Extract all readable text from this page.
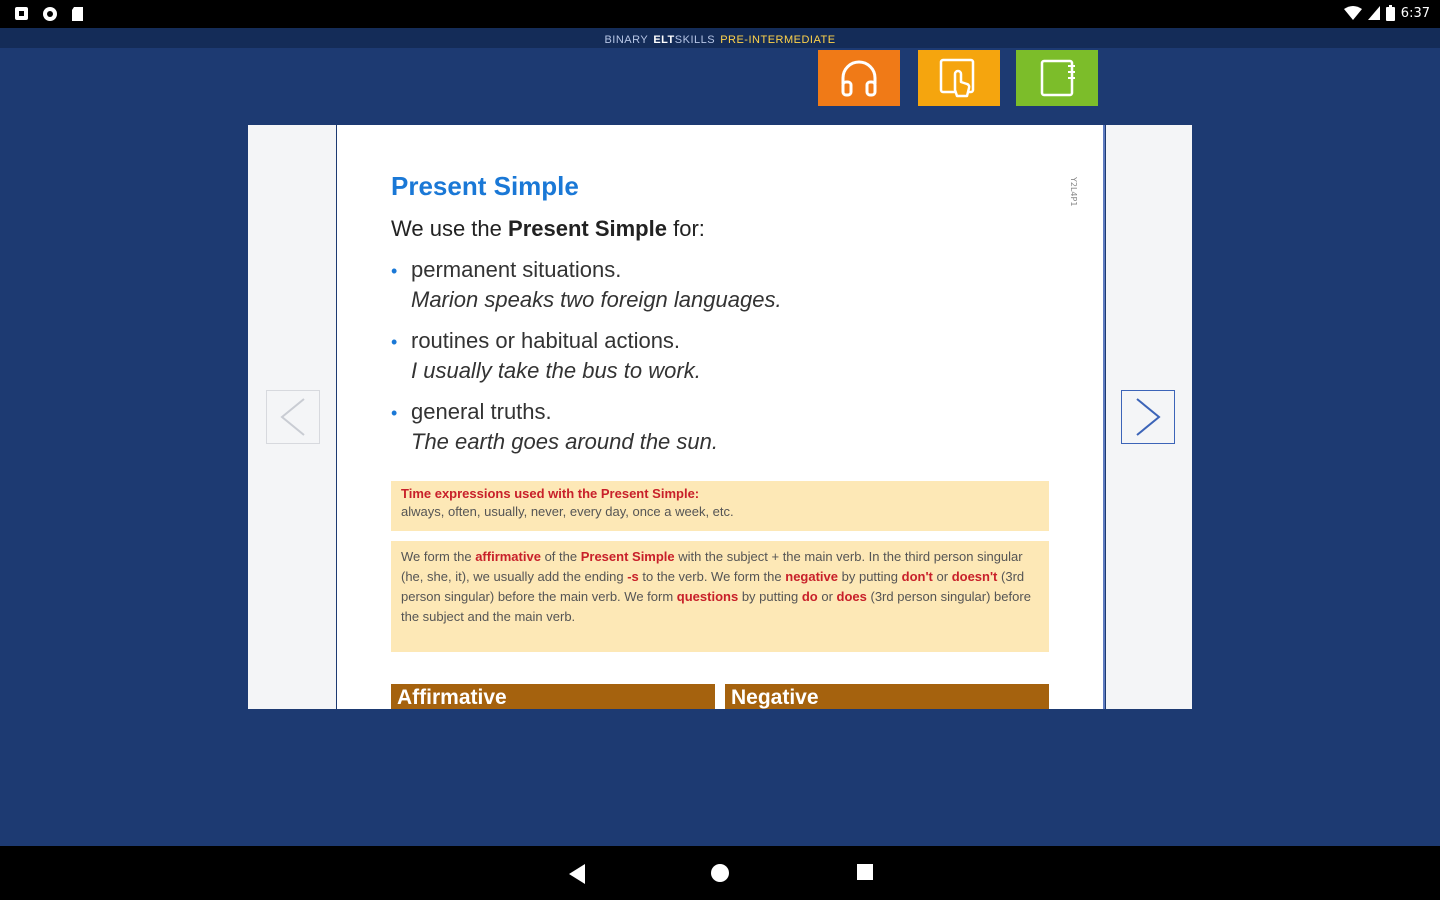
6:37
BINARY ELTSKILLS PRE-INTERMEDIATE
Y2L4P1
Present Simple
We use the Present Simple for:
• permanent situations.
Marion speaks two foreign languages.
• routines or habitual actions.
I usually take the bus to work.
• general truths.
The earth goes around the sun.
Time expressions used with the Present Simple:
always, often, usually, never, every day, once a week, etc.
We form the affirmative of the Present Simple with the subject + the main verb. In the third person singular (he, she, it), we usually add the ending -s to the verb. We form the negative by putting don't or doesn't (3rd person singular) before the main verb. We form questions by putting do or does (3rd person singular) before the subject and the main verb.
Affirmative	Negative
